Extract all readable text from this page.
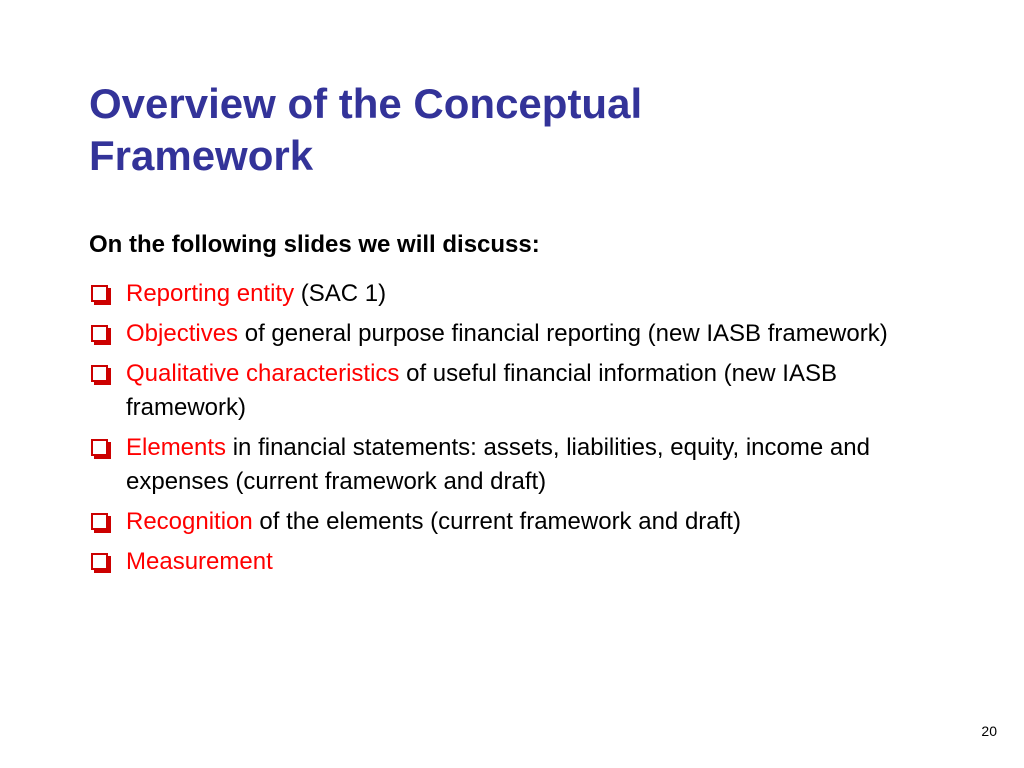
Overview of the Conceptual
Framework

On the following slides we will discuss:

Reporting entity (SAC 1)
Objectives of general purpose financial reporting (new IASB framework)
Qualitative characteristics of useful financial information (new IASB framework)
Elements in financial statements: assets, liabilities, equity, income and expenses (current framework and draft)
Recognition of the elements (current framework and draft)
Measurement
20
